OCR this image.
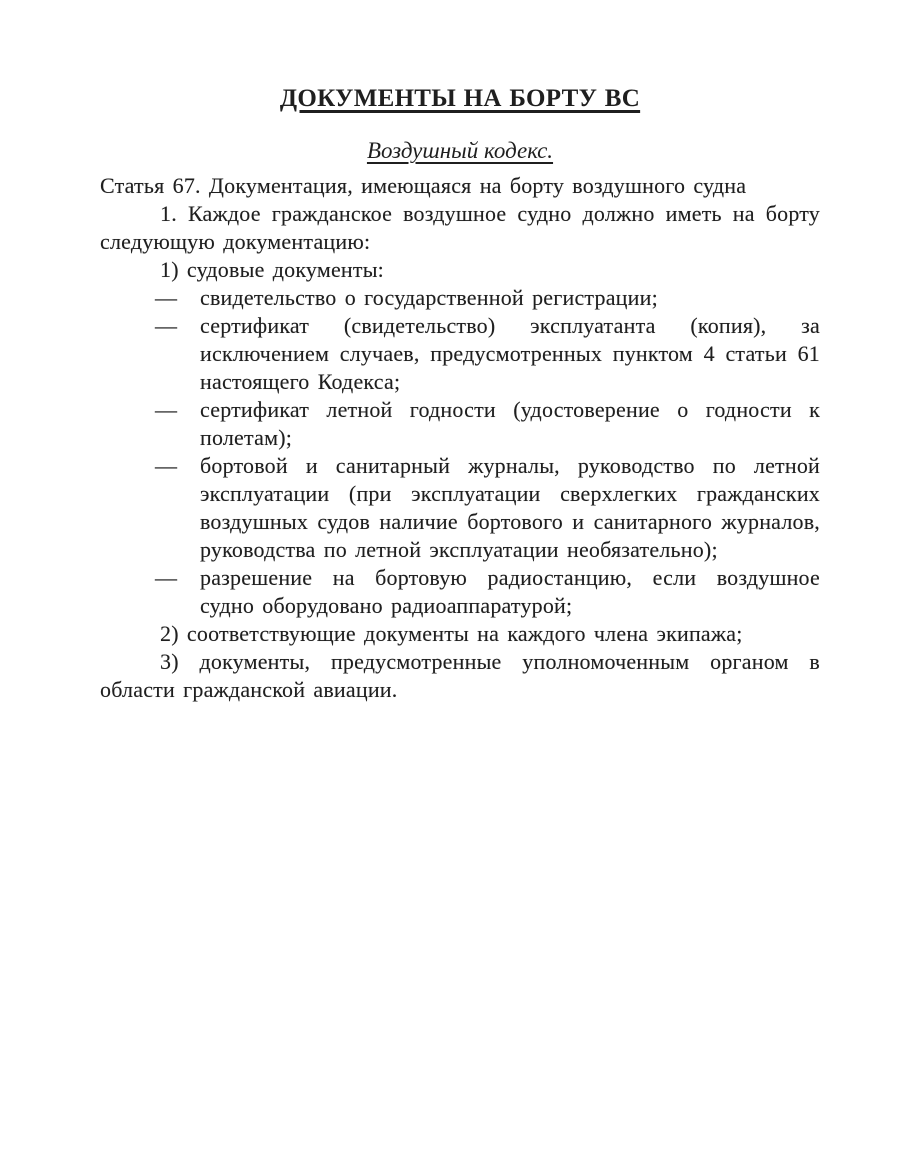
ДОКУМЕНТЫ НА БОРТУ ВС
Воздушный кодекс.

Статья 67. Документация, имеющаяся на борту воздушного судна

1. Каждое гражданское воздушное судно должно иметь на борту следующую документацию:

1) судовые документы:

— свидетельство о государственной регистрации;
— сертификат (свидетельство) эксплуатанта (копия), за исключением случаев, предусмотренных пунктом 4 статьи 61 настоящего Кодекса;
— сертификат летной годности (удостоверение о годности к полетам);
— бортовой и санитарный журналы, руководство по летной эксплуатации (при эксплуатации сверхлегких гражданских воздушных судов наличие бортового и санитарного журналов, руководства по летной эксплуатации необязательно);
— разрешение на бортовую радиостанцию, если воздушное судно оборудовано радиоаппаратурой;

2) соответствующие документы на каждого члена экипажа;

3) документы, предусмотренные уполномоченным органом в области гражданской авиации.
